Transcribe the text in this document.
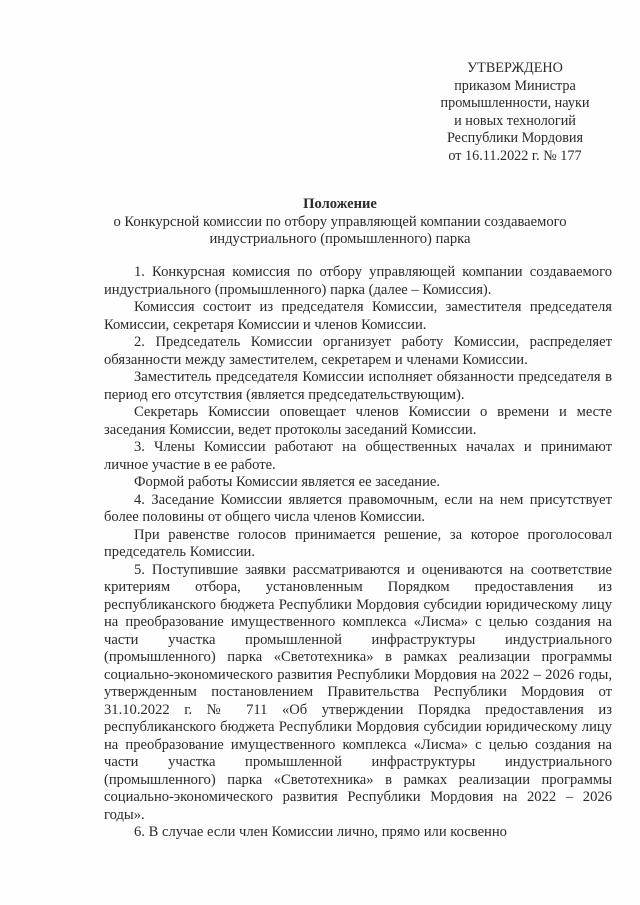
УТВЕРЖДЕНО
приказом Министра
промышленности, науки
и новых технологий
Республики Мордовия
от 16.11.2022 г. № 177
Положение
о Конкурсной комиссии по отбору управляющей компании создаваемого
индустриального (промышленного) парка

1. Конкурсная комиссия по отбору управляющей компании создаваемого индустриального (промышленного) парка (далее – Комиссия).

Комиссия состоит из председателя Комиссии, заместителя председателя Комиссии, секретаря Комиссии и членов Комиссии.

2. Председатель Комиссии организует работу Комиссии, распределяет обязанности между заместителем, секретарем и членами Комиссии.

Заместитель председателя Комиссии исполняет обязанности председателя в период его отсутствия (является председательствующим).

Секретарь Комиссии оповещает членов Комиссии о времени и месте заседания Комиссии, ведет протоколы заседаний Комиссии.

3. Члены Комиссии работают на общественных началах и принимают личное участие в ее работе.

Формой работы Комиссии является ее заседание.

4. Заседание Комиссии является правомочным, если на нем присутствует более половины от общего числа членов Комиссии.

При равенстве голосов принимается решение, за которое проголосовал председатель Комиссии.

5. Поступившие заявки рассматриваются и оцениваются на соответствие критериям отбора, установленным Порядком предоставления из республиканского бюджета Республики Мордовия субсидии юридическому лицу на преобразование имущественного комплекса «Лисма» с целью создания на части участка промышленной инфраструктуры индустриального (промышленного) парка «Светотехника» в рамках реализации программы социально-экономического развития Республики Мордовия на 2022 – 2026 годы, утвержденным постановлением Правительства Республики Мордовия от 31.10.2022 г. № 711 «Об утверждении Порядка предоставления из республиканского бюджета Республики Мордовия субсидии юридическому лицу на преобразование имущественного комплекса «Лисма» с целью создания на части участка промышленной инфраструктуры индустриального (промышленного) парка «Светотехника» в рамках реализации программы социально-экономического развития Республики Мордовия на 2022 – 2026 годы».

6. В случае если член Комиссии лично, прямо или косвенно
